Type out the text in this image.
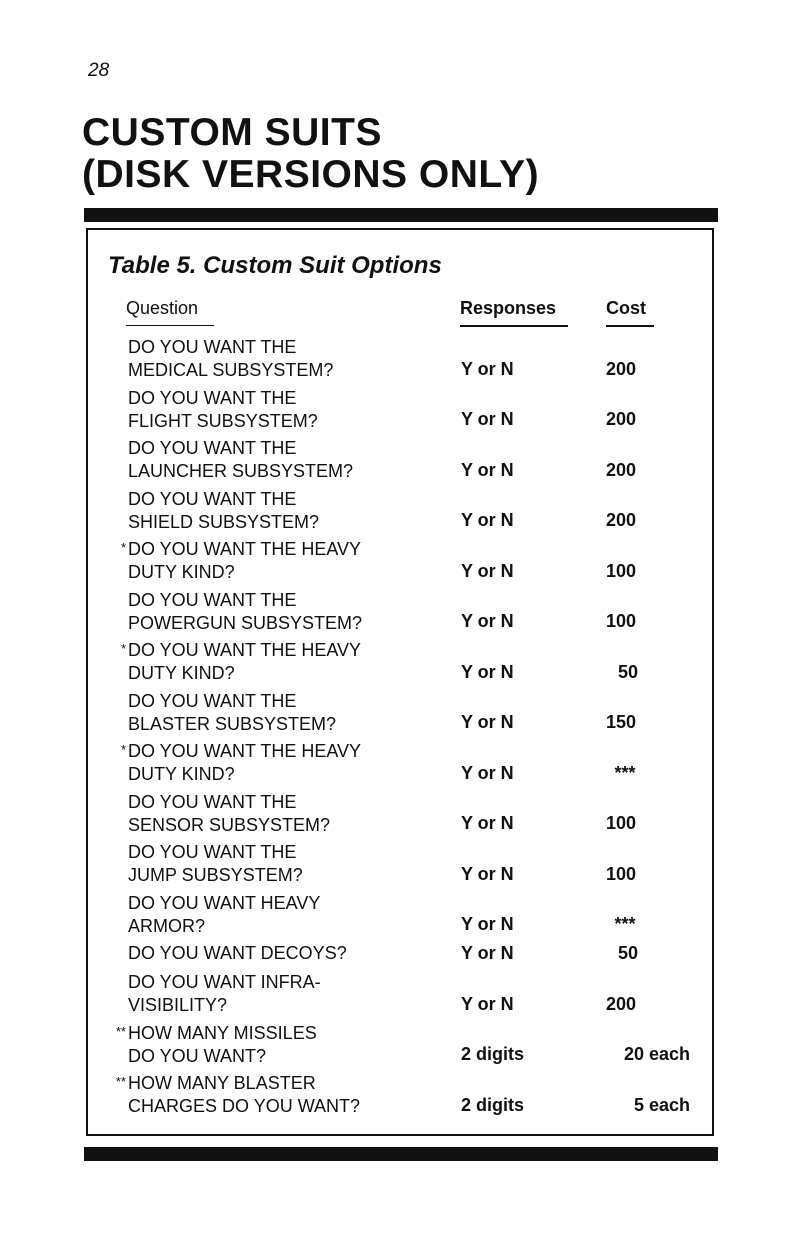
28
CUSTOM SUITS
(DISK VERSIONS ONLY)
Table 5. Custom Suit Options
Question	Responses	Cost
DO YOU WANT THE
MEDICAL SUBSYSTEM?	Y or N	200
DO YOU WANT THE
FLIGHT SUBSYSTEM?	Y or N	200
DO YOU WANT THE
LAUNCHER SUBSYSTEM?	Y or N	200
DO YOU WANT THE
SHIELD SUBSYSTEM?	Y or N	200
* DO YOU WANT THE HEAVY
DUTY KIND?	Y or N	100
DO YOU WANT THE
POWERGUN SUBSYSTEM?	Y or N	100
* DO YOU WANT THE HEAVY
DUTY KIND?	Y or N	50
DO YOU WANT THE
BLASTER SUBSYSTEM?	Y or N	150
* DO YOU WANT THE HEAVY
DUTY KIND?	Y or N	***
DO YOU WANT THE
SENSOR SUBSYSTEM?	Y or N	100
DO YOU WANT THE
JUMP SUBSYSTEM?	Y or N	100
DO YOU WANT HEAVY
ARMOR?	Y or N	***
DO YOU WANT DECOYS?	Y or N	50
DO YOU WANT INFRA-
VISIBILITY?	Y or N	200
** HOW MANY MISSILES
DO YOU WANT?	2 digits	20 each
** HOW MANY BLASTER
CHARGES DO YOU WANT?	2 digits	5 each
